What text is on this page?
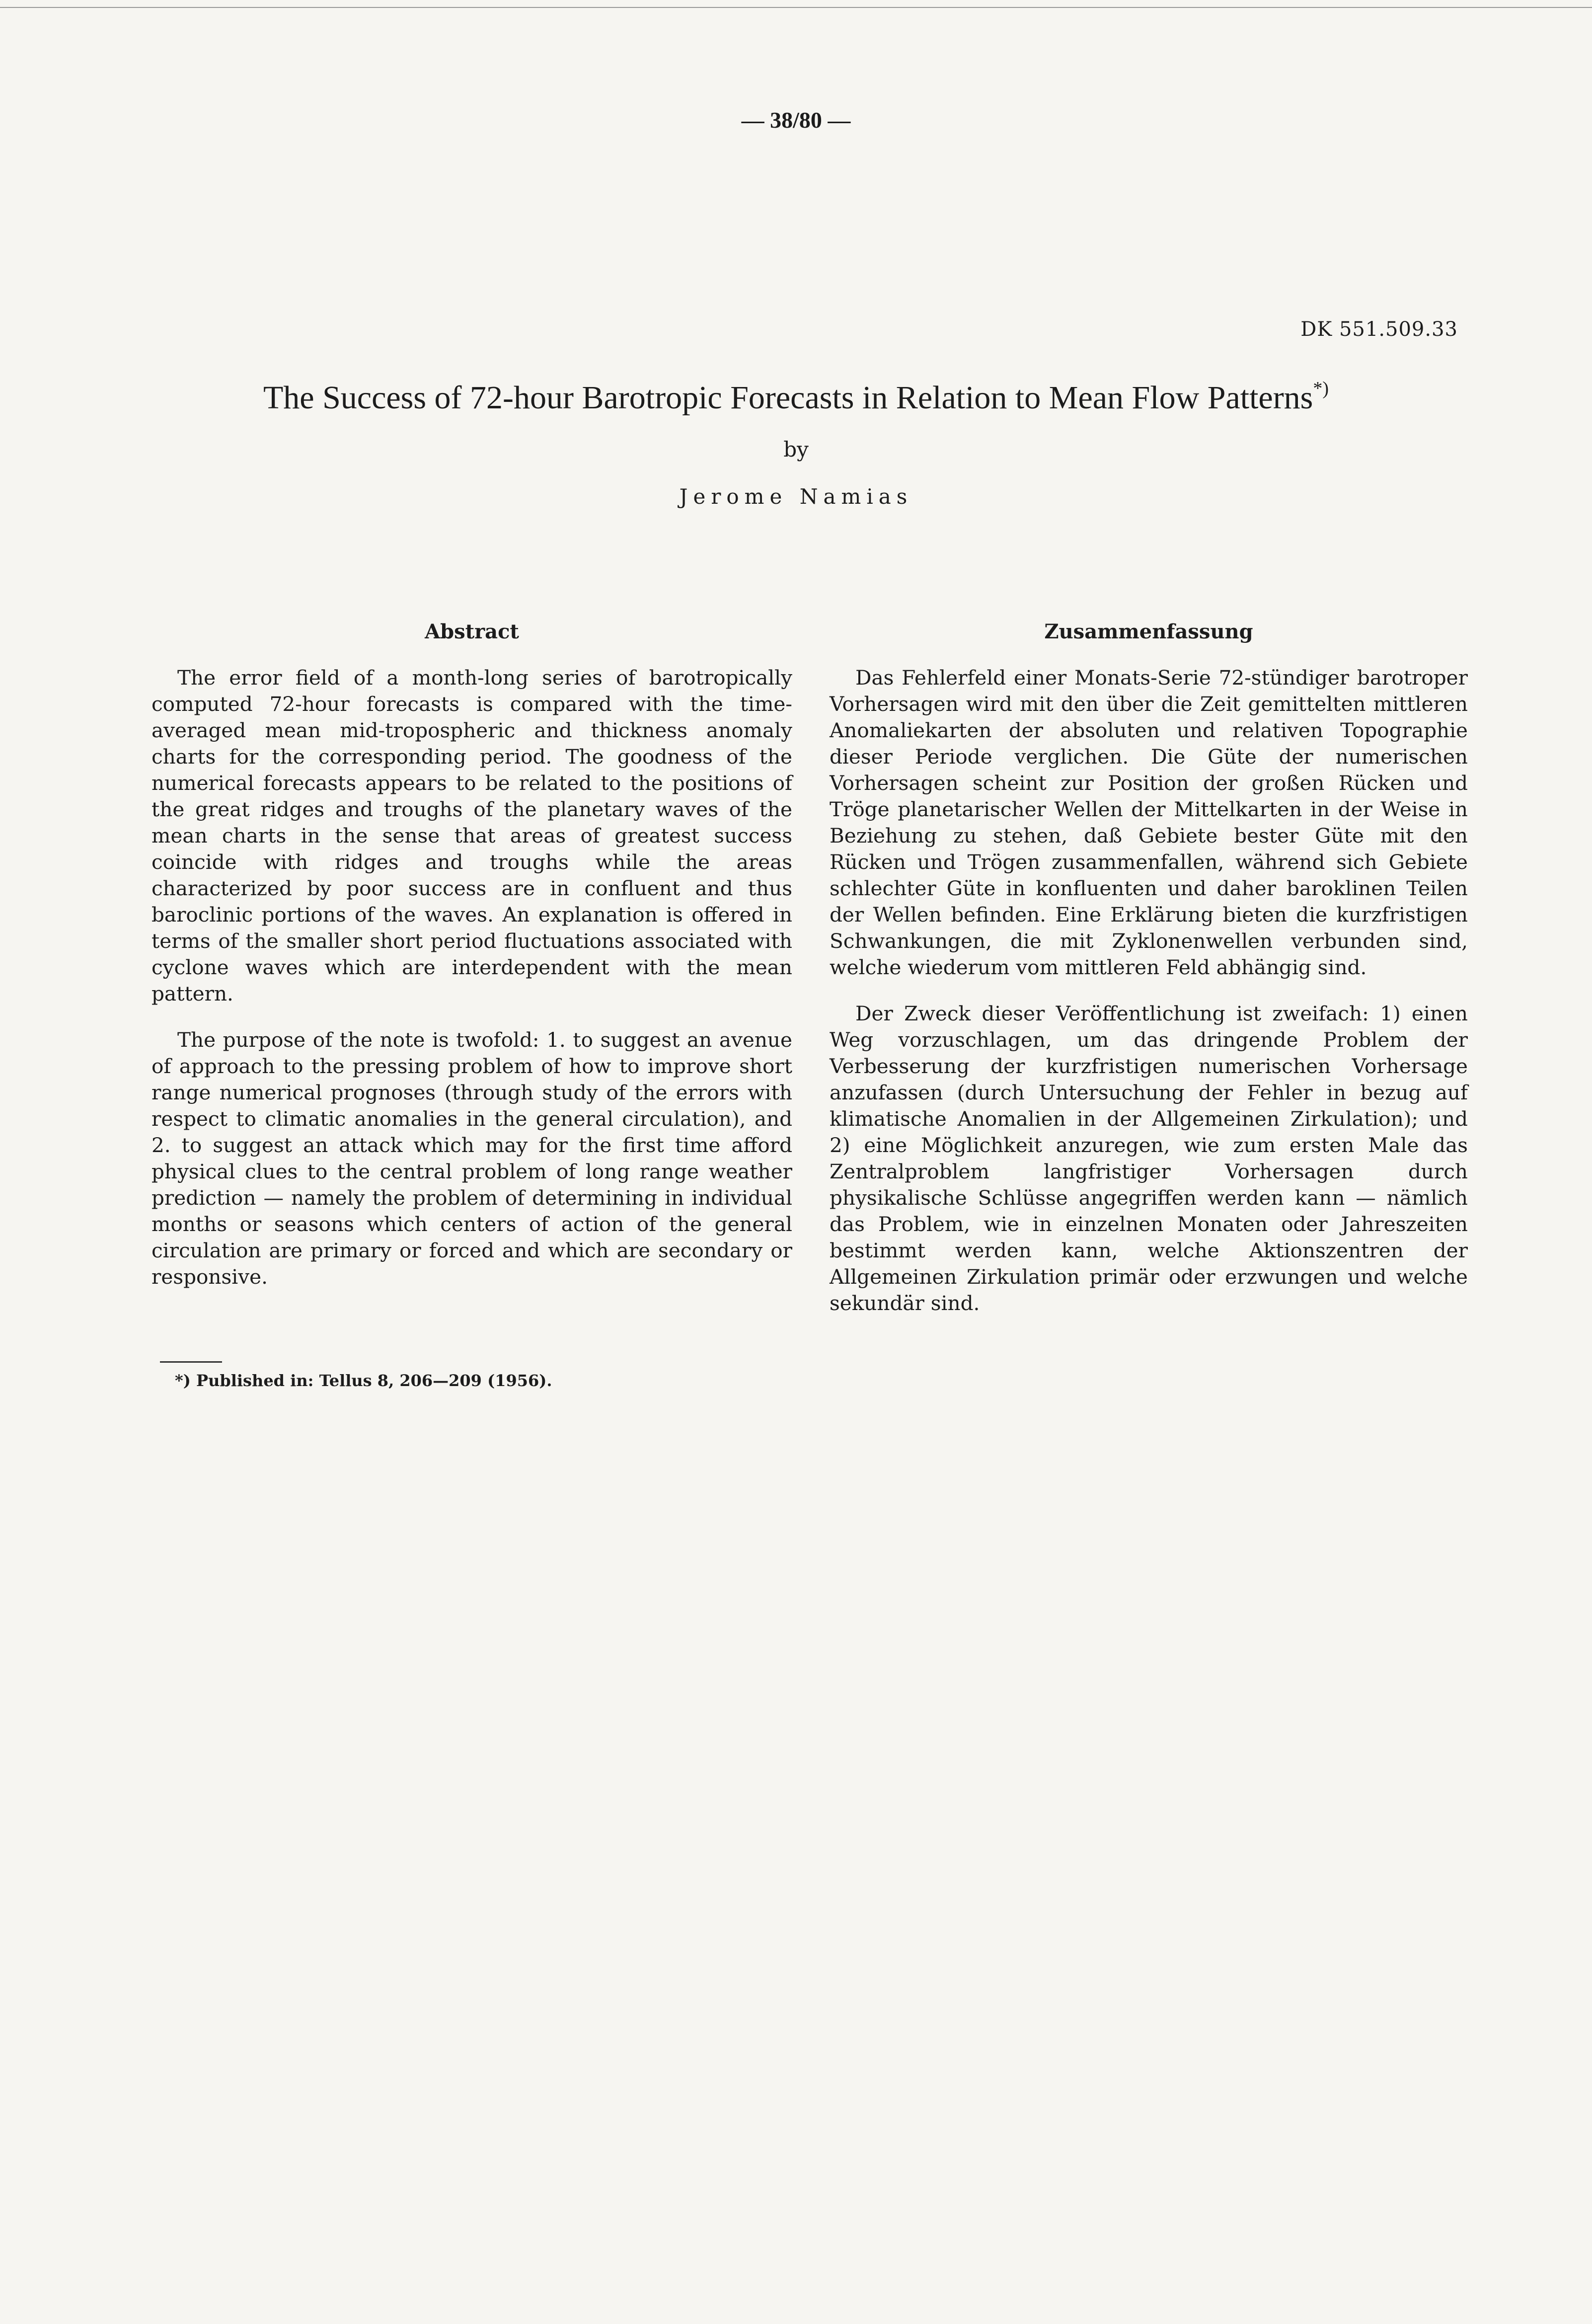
— 38/80 —
DK 551.509.33
The Success of 72-hour Barotropic Forecasts in Relation to Mean Flow Patterns*)
by
Jerome Namias
Abstract

The error field of a month-long series of barotropically computed 72-hour forecasts is compared with the time-averaged mean mid-tropospheric and thickness anomaly charts for the corresponding period. The goodness of the numerical forecasts appears to be related to the positions of the great ridges and troughs of the planetary waves of the mean charts in the sense that areas of greatest success coincide with ridges and troughs while the areas characterized by poor success are in confluent and thus baroclinic portions of the waves. An explanation is offered in terms of the smaller short period fluctuations associated with cyclone waves which are interdependent with the mean pattern.

The purpose of the note is twofold: 1. to suggest an avenue of approach to the pressing problem of how to improve short range numerical prognoses (through study of the errors with respect to climatic anomalies in the general circulation), and 2. to suggest an attack which may for the first time afford physical clues to the central problem of long range weather prediction — namely the problem of determining in individual months or seasons which centers of action of the general circulation are primary or forced and which are secondary or responsive.

Zusammenfassung

Das Fehlerfeld einer Monats-Serie 72-stündiger barotroper Vorhersagen wird mit den über die Zeit gemittelten mittleren Anomaliekarten der absoluten und relativen Topographie dieser Periode verglichen. Die Güte der numerischen Vorhersagen scheint zur Position der großen Rücken und Tröge planetarischer Wellen der Mittelkarten in der Weise in Beziehung zu stehen, daß Gebiete bester Güte mit den Rücken und Trögen zusammenfallen, während sich Gebiete schlechter Güte in konfluenten und daher baroklinen Teilen der Wellen befinden. Eine Erklärung bieten die kurzfristigen Schwankungen, die mit Zyklonenwellen verbunden sind, welche wiederum vom mittleren Feld abhängig sind.

Der Zweck dieser Veröffentlichung ist zweifach: 1) einen Weg vorzuschlagen, um das dringende Problem der Verbesserung der kurzfristigen numerischen Vorhersage anzufassen (durch Untersuchung der Fehler in bezug auf klimatische Anomalien in der Allgemeinen Zirkulation); und 2) eine Möglichkeit anzuregen, wie zum ersten Male das Zentralproblem langfristiger Vorhersagen durch physikalische Schlüsse angegriffen werden kann — nämlich das Problem, wie in einzelnen Monaten oder Jahreszeiten bestimmt werden kann, welche Aktionszentren der Allgemeinen Zirkulation primär oder erzwungen und welche sekundär sind.

*) Published in: Tellus 8, 206—209 (1956).
